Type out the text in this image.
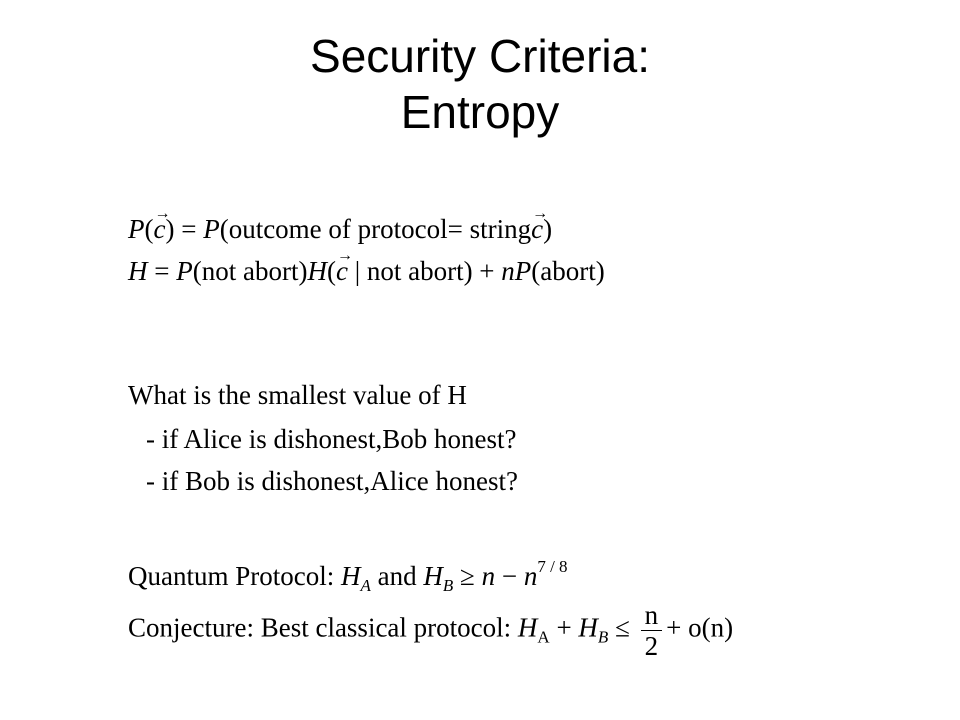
Security Criteria:
Entropy
P(c →) = P(outcome of protocol= stringc →)
H = P(not abort)H(c → | not abort) + nP(abort)
What is the smallest value of H
- if Alice is dishonest,Bob honest?
- if Bob is dishonest,Alice honest?
Quantum Protocol: $H_A$ and $H_B \ge n - n^{7 / 8}$
Conjecture: Best classical protocol: $H_A + H_B \le \frac{n}{2} + o(n)$
